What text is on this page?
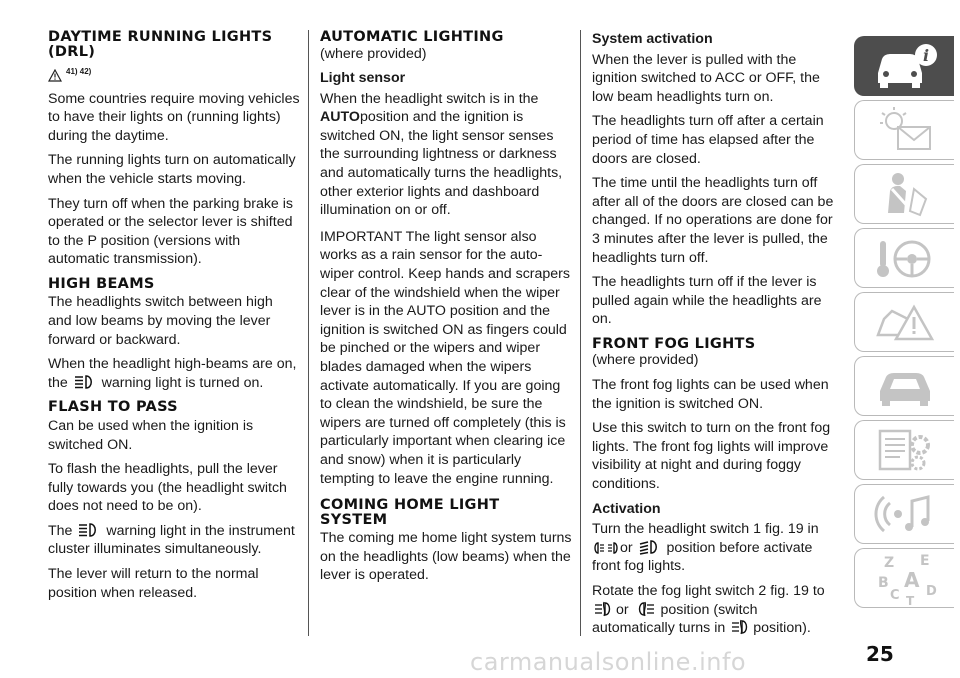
DAYTIME RUNNING LIGHTS (DRL)
41) 42)

Some countries require moving vehicles to have their lights on (running lights) during the daytime.

The running lights turn on automatically when the vehicle starts moving.

They turn off when the parking brake is operated or the selector lever is shifted to the P position (versions with automatic transmission).

HIGH BEAMS

The headlights switch between high and low beams by moving the lever forward or backward.

When the headlight high-beams are on, the warning light is turned on.

FLASH TO PASS

Can be used when the ignition is switched ON.

To flash the headlights, pull the lever fully towards you (the headlight switch does not need to be on).

The warning light in the instrument cluster illuminates simultaneously.

The lever will return to the normal position when released.

AUTOMATIC LIGHTING

(where provided)

Light sensor

When the headlight switch is in the AUTOposition and the ignition is switched ON, the light sensor senses the surrounding lightness or darkness and automatically turns the headlights, other exterior lights and dashboard illumination on or off.

IMPORTANT The light sensor also works as a rain sensor for the auto-wiper control. Keep hands and scrapers clear of the windshield when the wiper lever is in the AUTO position and the ignition is switched ON as fingers could be pinched or the wipers and wiper blades damaged when the wipers activate automatically. If you are going to clean the windshield, be sure the wipers are turned off completely (this is particularly important when clearing ice and snow) when it is particularly tempting to leave the engine running.

COMING HOME LIGHT SYSTEM

The coming me home light system turns on the headlights (low beams) when the lever is operated.

System activation

When the lever is pulled with the ignition switched to ACC or OFF, the low beam headlights turn on.

The headlights turn off after a certain period of time has elapsed after the doors are closed.

The time until the headlights turn off after all of the doors are closed can be changed. If no operations are done for 3 minutes after the lever is pulled, the headlights turn off.

The headlights turn off if the lever is pulled again while the headlights are on.

FRONT FOG LIGHTS

(where provided)

The front fog lights can be used when the ignition is switched ON.

Use this switch to turn on the front fog lights. The front fog lights will improve visibility at night and during foggy conditions.

Activation

Turn the headlight switch 1 fig. 19 in or position before activate front fog lights.

Rotate the fog light switch 2 fig. 19 to or position (switch automatically turns in position).

i
Z E
B A
C D
T
25
carmanualsonline.info
